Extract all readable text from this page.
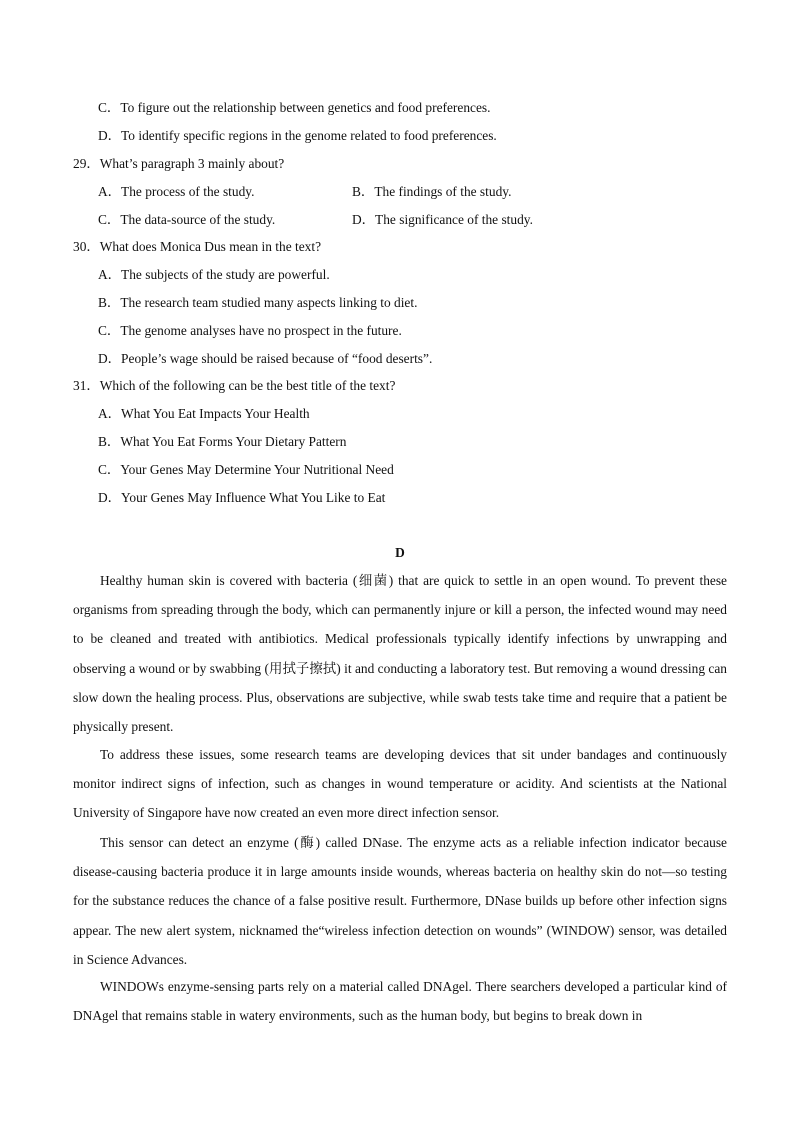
C．To figure out the relationship between genetics and food preferences.
D．To identify specific regions in the genome related to food preferences.
29．What’s paragraph 3 mainly about?
A．The process of the study.	B．The findings of the study.
C．The data-source of the study.	D．The significance of the study.
30．What does Monica Dus mean in the text?
A．The subjects of the study are powerful.
B．The research team studied many aspects linking to diet.
C．The genome analyses have no prospect in the future.
D．People’s wage should be raised because of “food deserts”.
31．Which of the following can be the best title of the text?
A．What You Eat Impacts Your Health
B．What You Eat Forms Your Dietary Pattern
C．Your Genes May Determine Your Nutritional Need
D．Your Genes May Influence What You Like to Eat
D

Healthy human skin is covered with bacteria (细菌) that are quick to settle in an open wound. To prevent these organisms from spreading through the body, which can permanently injure or kill a person, the infected wound may need to be cleaned and treated with antibiotics. Medical professionals typically identify infections by unwrapping and observing a wound or by swabbing (用拭子擦拭) it and conducting a laboratory test. But removing a wound dressing can slow down the healing process. Plus, observations are subjective, while swab tests take time and require that a patient be physically present.

To address these issues, some research teams are developing devices that sit under bandages and continuously monitor indirect signs of infection, such as changes in wound temperature or acidity. And scientists at the National University of Singapore have now created an even more direct infection sensor.

This sensor can detect an enzyme (酶) called DNase. The enzyme acts as a reliable infection indicator because disease-causing bacteria produce it in large amounts inside wounds, whereas bacteria on healthy skin do not—so testing for the substance reduces the chance of a false positive result. Furthermore, DNase builds up before other infection signs appear. The new alert system, nicknamed the“wireless infection detection on wounds” (WINDOW) sensor, was detailed in Science Advances.

WINDOWs enzyme-sensing parts rely on a material called DNAgel. There searchers developed a particular kind of DNAgel that remains stable in watery environments, such as the human body, but begins to break down in
